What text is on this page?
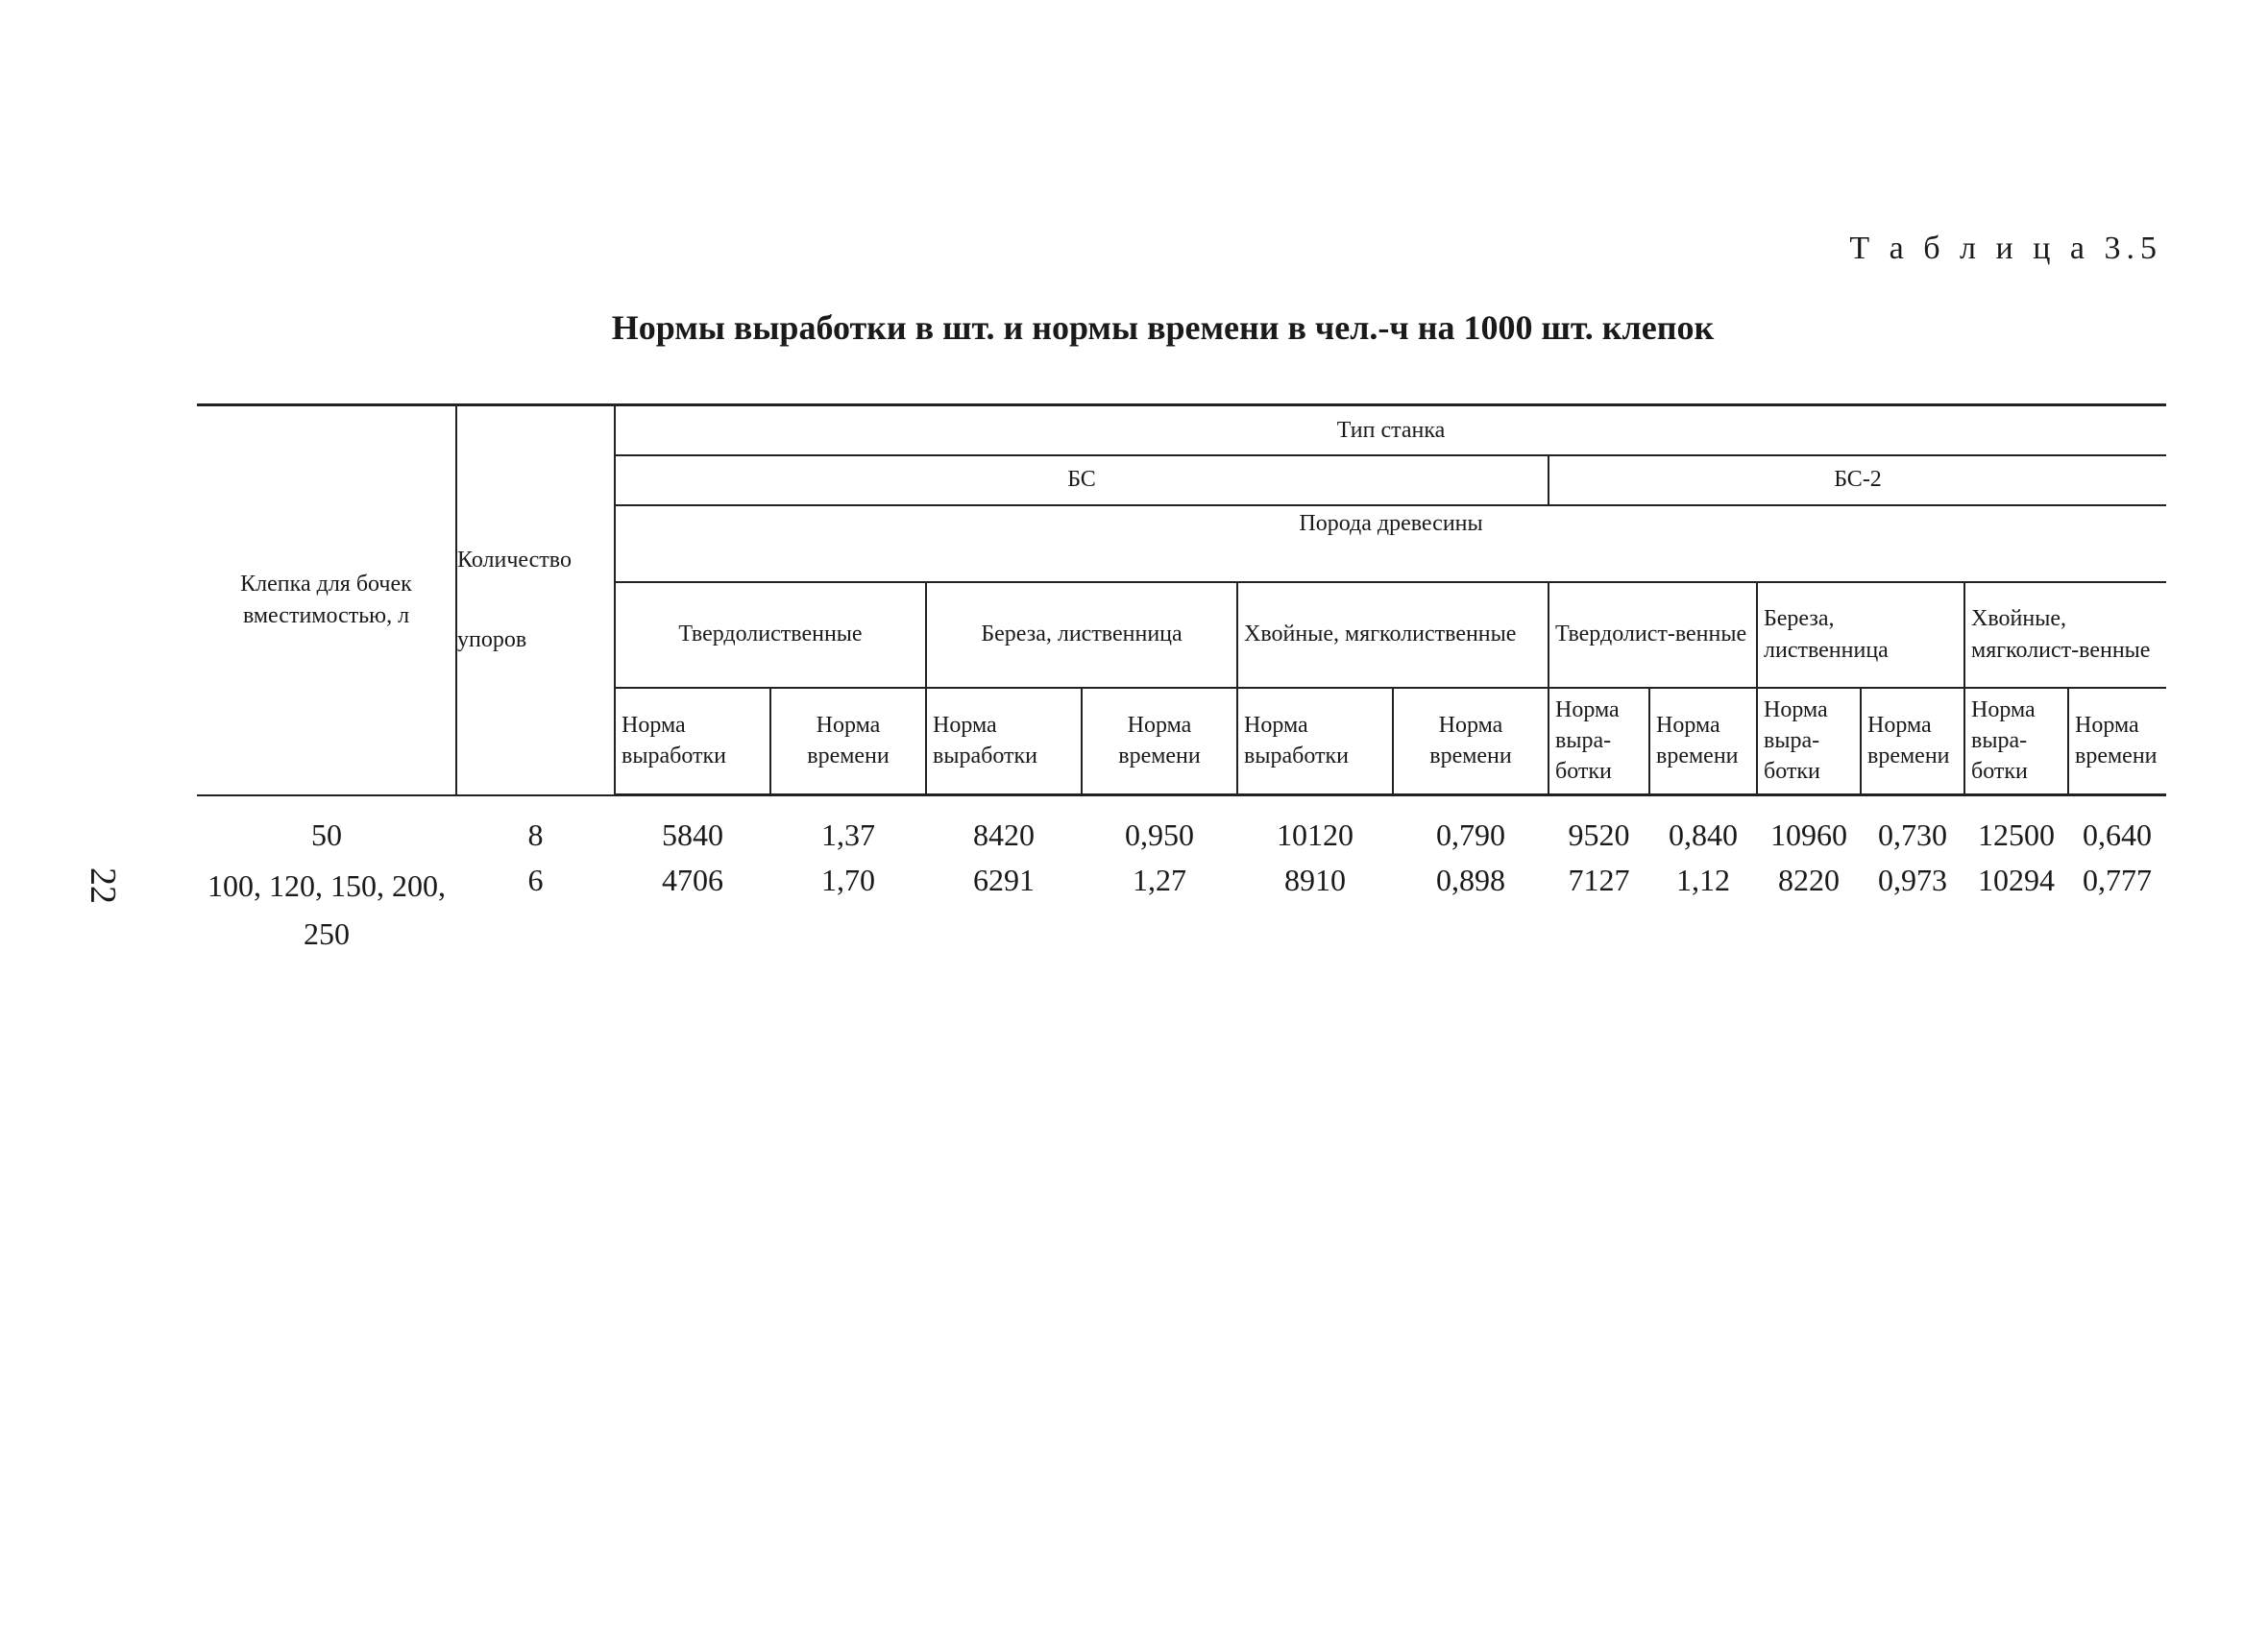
Т а б л и ц а 3.5
Нормы выработки в шт. и нормы времени в чел.-ч на 1000 шт. клепок
22
Клепка для бочек вместимостью, л	Количество
упоров	Тип станка											
		БС						БС-2					
		Порода древесины											
		Твердолиственные		Береза, лиственница		Хвойные, мягколиственные		Твердолист-венные		Береза, лиственница		Хвойные, мягколист-венные	
		Норма выработки	Норма времени	Норма выработки	Норма времени	Норма выработки	Норма времени	Норма выра-ботки	Норма времени	Норма выра-ботки	Норма времени	Норма выра-ботки	Норма времени
50	8	5840	1,37	8420	0,950	10120	0,790	9520	0,840	10960	0,730	12500	0,640
100, 120, 150, 200, 250	6	4706	1,70	6291	1,27	8910	0,898	7127	1,12	8220	0,973	10294	0,777
